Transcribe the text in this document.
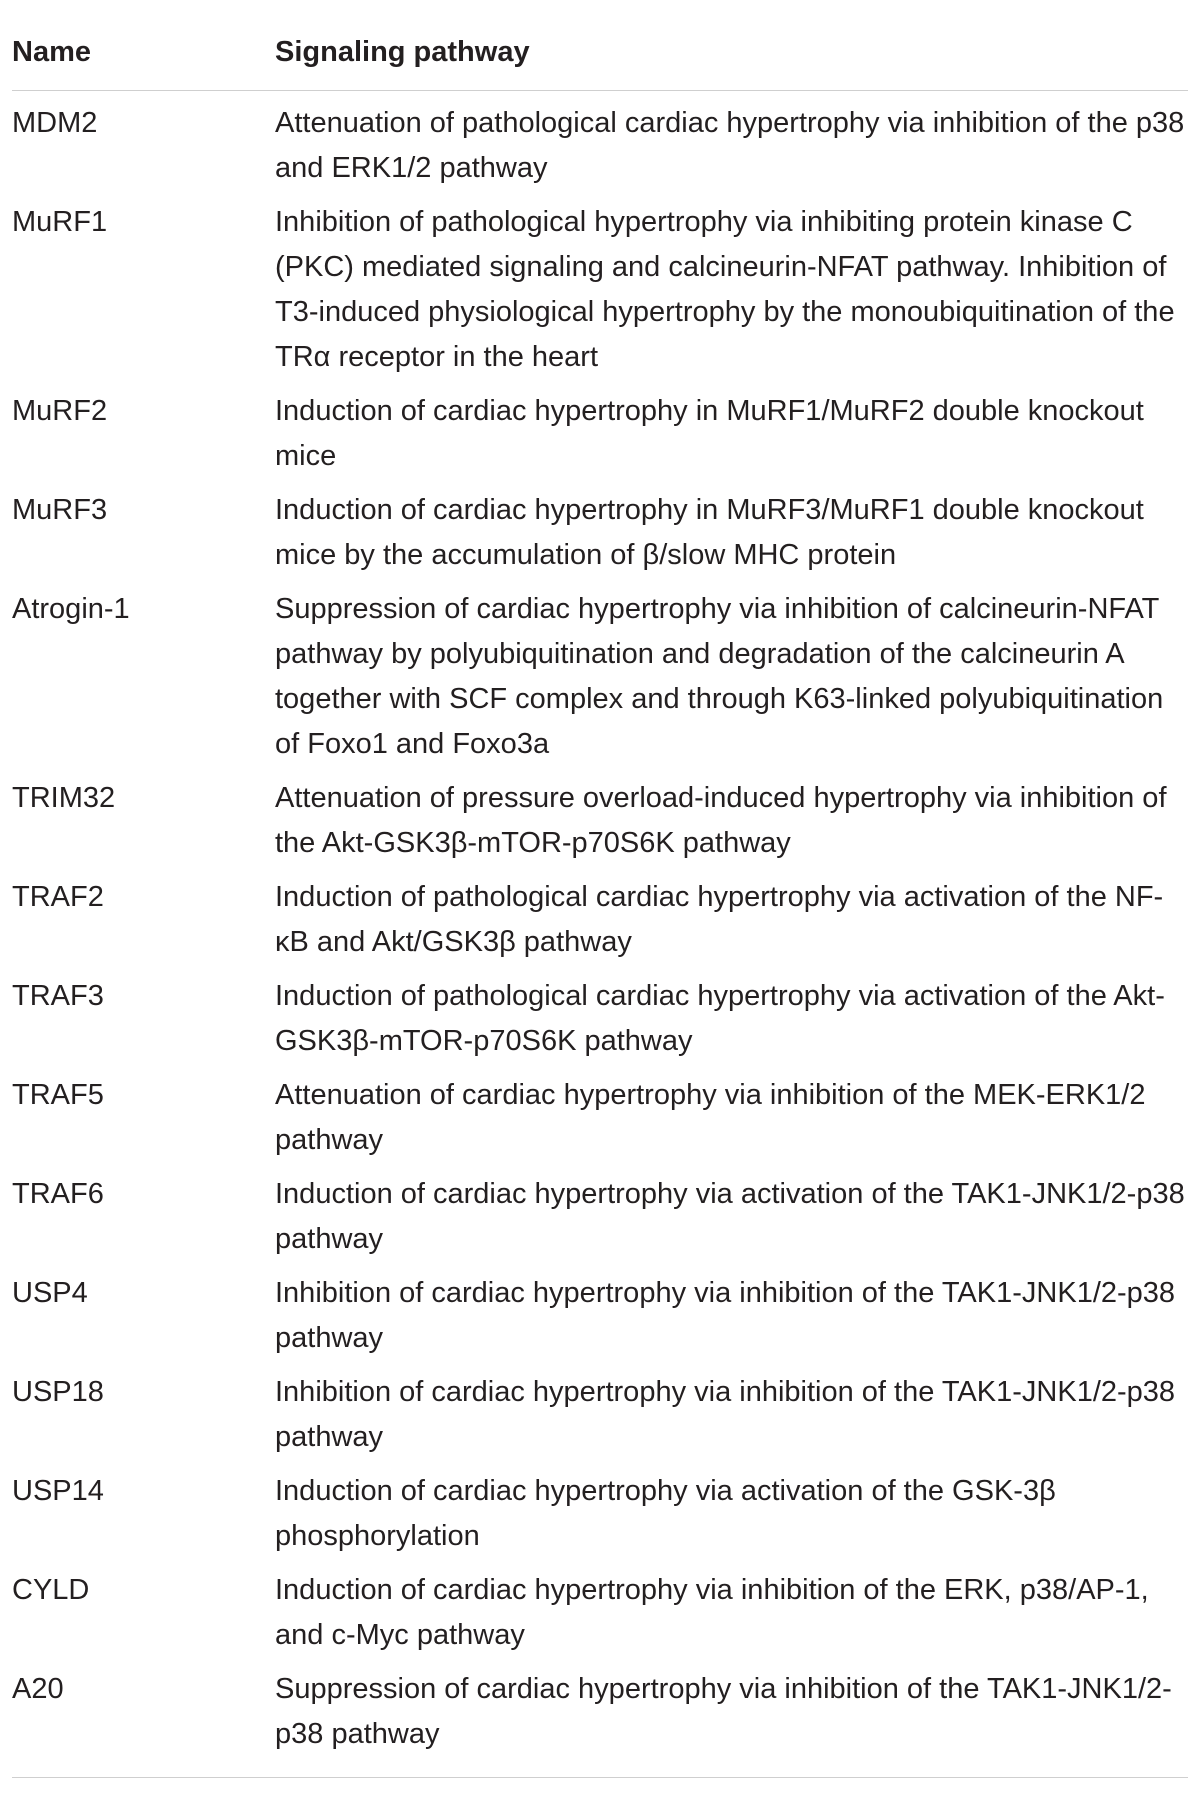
Name	Signaling pathway
MDM2	Attenuation of pathological cardiac hypertrophy via inhibition of the p38 and ERK1/2 pathway
MuRF1	Inhibition of pathological hypertrophy via inhibiting protein kinase C (PKC) mediated signaling and calcineurin-NFAT pathway. Inhibition of T3-induced physiological hypertrophy by the monoubiquitination of the TRα receptor in the heart
MuRF2	Induction of cardiac hypertrophy in MuRF1/MuRF2 double knockout mice
MuRF3	Induction of cardiac hypertrophy in MuRF3/MuRF1 double knockout mice by the accumulation of β/slow MHC protein
Atrogin-1	Suppression of cardiac hypertrophy via inhibition of calcineurin-NFAT pathway by polyubiquitination and degradation of the calcineurin A together with SCF complex and through K63-linked polyubiquitination of Foxo1 and Foxo3a
TRIM32	Attenuation of pressure overload-induced hypertrophy via inhibition of the Akt-GSK3β-mTOR-p70S6K pathway
TRAF2	Induction of pathological cardiac hypertrophy via activation of the NF-κB and Akt/GSK3β pathway
TRAF3	Induction of pathological cardiac hypertrophy via activation of the Akt-GSK3β-mTOR-p70S6K pathway
TRAF5	Attenuation of cardiac hypertrophy via inhibition of the MEK-ERK1/2 pathway
TRAF6	Induction of cardiac hypertrophy via activation of the TAK1-JNK1/2-p38 pathway
USP4	Inhibition of cardiac hypertrophy via inhibition of the TAK1-JNK1/2-p38 pathway
USP18	Inhibition of cardiac hypertrophy via inhibition of the TAK1-JNK1/2-p38 pathway
USP14	Induction of cardiac hypertrophy via activation of the GSK-3β phosphorylation
CYLD	Induction of cardiac hypertrophy via inhibition of the ERK, p38/AP-1, and c-Myc pathway
A20	Suppression of cardiac hypertrophy via inhibition of the TAK1-JNK1/2-p38 pathway
